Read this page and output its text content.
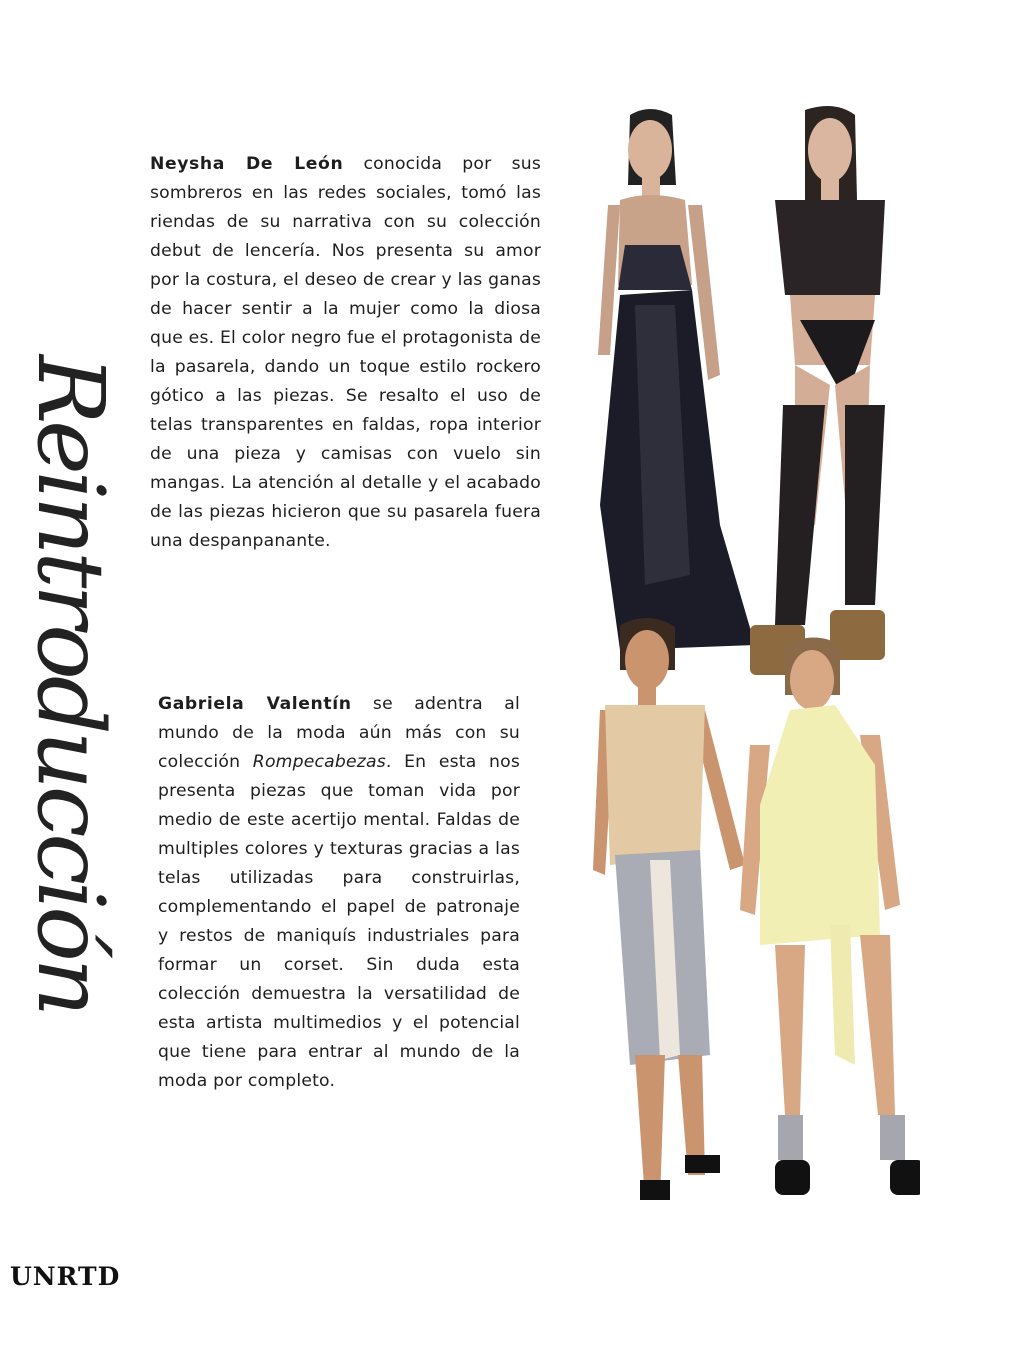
Reintroducción

Neysha De León conocida por sus sombreros en las redes sociales, tomó las riendas de su narrativa con su colección debut de lencería. Nos presenta su amor por la costura, el deseo de crear y las ganas de hacer sentir a la mujer como la diosa que es. El color negro fue el protagonista de la pasarela, dando un toque estilo rockero gótico a las piezas. Se resalto el uso de telas transparentes en faldas, ropa interior de una pieza y camisas con vuelo sin mangas. La atención al detalle y el acabado de las piezas hicieron que su pasarela fuera una despanpanante.

Gabriela Valentín se adentra al mundo de la moda aún más con su colección Rompecabezas. En esta nos presenta piezas que toman vida por medio de este acertijo mental. Faldas de multiples colores y texturas gracias a las telas utilizadas para construirlas, complementando el papel de patronaje y restos de maniquís industriales para formar un corset. Sin duda esta colección demuestra la versatilidad de esta artista multimedios y el potencial que tiene para entrar al mundo de la moda por completo.

UNRTD
